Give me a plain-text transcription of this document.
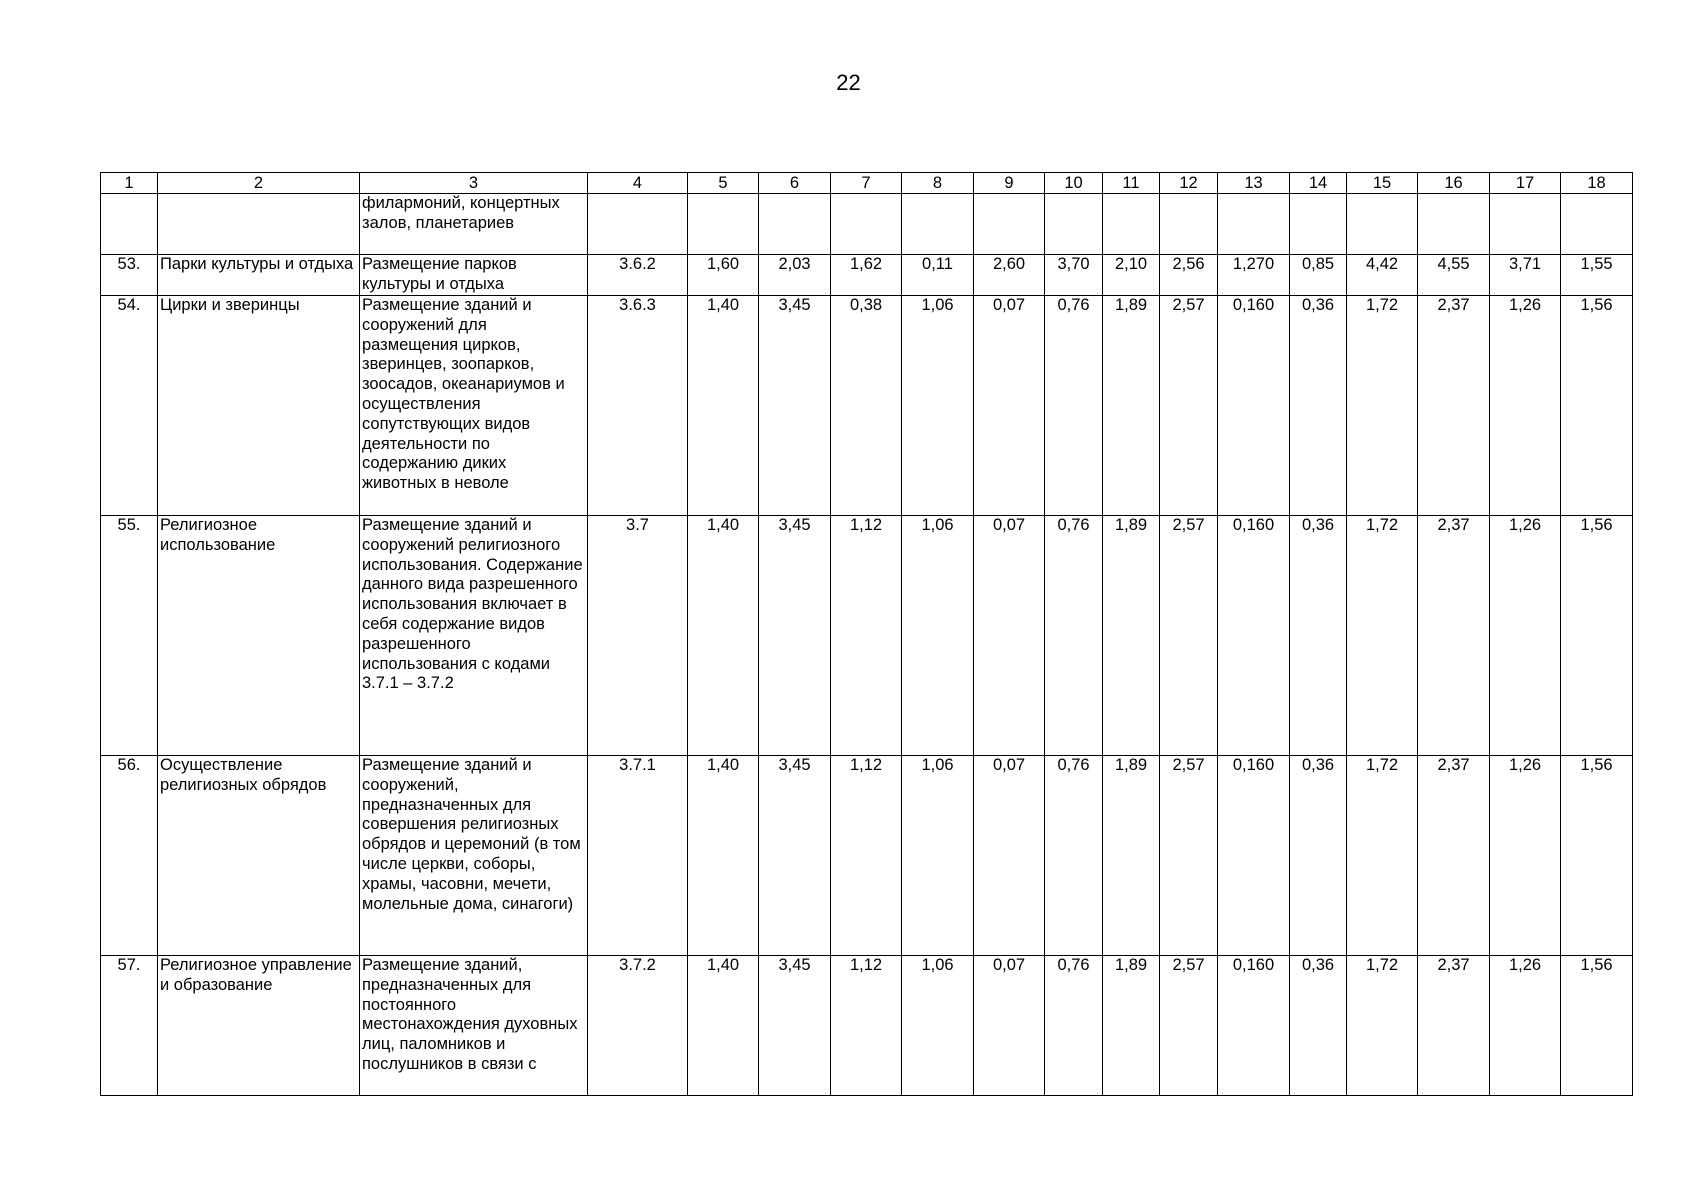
22
1	2	3	4	5	6	7	8	9	10	11	12	13	14	15	16	17	18
		филармоний, концертных залов, планетариев															
53.	Парки культуры и отдыха	Размещение парков культуры и отдыха	3.6.2	1,60	2,03	1,62	0,11	2,60	3,70	2,10	2,56	1,270	0,85	4,42	4,55	3,71	1,55
54.	Цирки и зверинцы	Размещение зданий и сооружений для размещения цирков, зверинцев, зоопарков, зоосадов, океанариумов и осуществления сопутствующих видов деятельности по содержанию диких животных в неволе	3.6.3	1,40	3,45	0,38	1,06	0,07	0,76	1,89	2,57	0,160	0,36	1,72	2,37	1,26	1,56
55.	Религиозное использование	Размещение зданий и сооружений религиозного использования. Содержание данного вида разрешенного использования включает в себя содержание видов разрешенного использования с кодами 3.7.1 – 3.7.2	3.7	1,40	3,45	1,12	1,06	0,07	0,76	1,89	2,57	0,160	0,36	1,72	2,37	1,26	1,56
56.	Осуществление религиозных обрядов	Размещение зданий и сооружений, предназначенных для совершения религиозных обрядов и церемоний (в том числе церкви, соборы, храмы, часовни, мечети, молельные дома, синагоги)	3.7.1	1,40	3,45	1,12	1,06	0,07	0,76	1,89	2,57	0,160	0,36	1,72	2,37	1,26	1,56
57.	Религиозное управление и образование	Размещение зданий, предназначенных для постоянного местонахождения духовных лиц, паломников и послушников в связи с	3.7.2	1,40	3,45	1,12	1,06	0,07	0,76	1,89	2,57	0,160	0,36	1,72	2,37	1,26	1,56
